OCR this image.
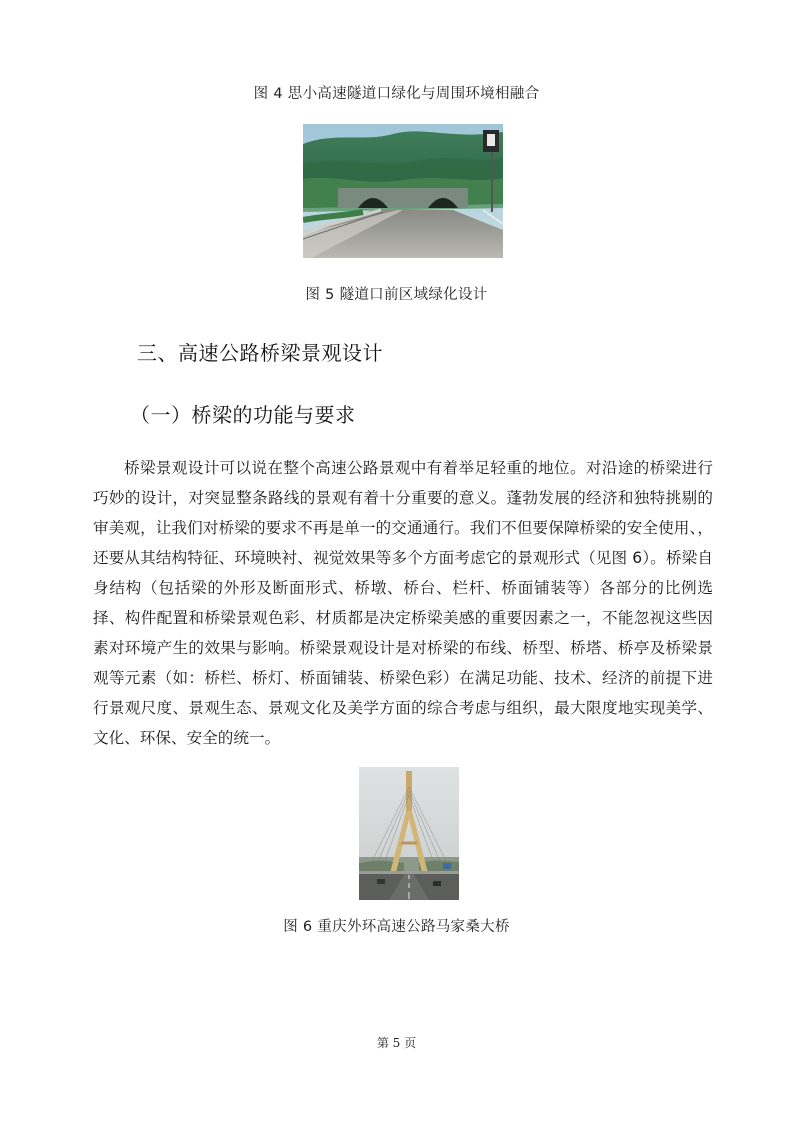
图 4 思小高速隧道口绿化与周围环境相融合
图 5 隧道口前区域绿化设计
三、高速公路桥梁景观设计
（一）桥梁的功能与要求

桥梁景观设计可以说在整个高速公路景观中有着举足轻重的地位。对沿途的桥梁进行巧妙的设计，对突显整条路线的景观有着十分重要的意义。蓬勃发展的经济和独特挑剔的审美观，让我们对桥梁的要求不再是单一的交通通行。我们不但要保障桥梁的安全使用、，还要从其结构特征、环境映衬、视觉效果等多个方面考虑它的景观形式（见图 6）。桥梁自身结构（包括梁的外形及断面形式、桥墩、桥台、栏杆、桥面铺装等）各部分的比例选择、构件配置和桥梁景观色彩、材质都是决定桥梁美感的重要因素之一，不能忽视这些因素对环境产生的效果与影响。桥梁景观设计是对桥梁的布线、桥型、桥塔、桥亭及桥梁景观等元素（如：桥栏、桥灯、桥面铺装、桥梁色彩）在满足功能、技术、经济的前提下进行景观尺度、景观生态、景观文化及美学方面的综合考虑与组织，最大限度地实现美学、文化、环保、安全的统一。

图 6 重庆外环高速公路马家桑大桥
第 5 页
